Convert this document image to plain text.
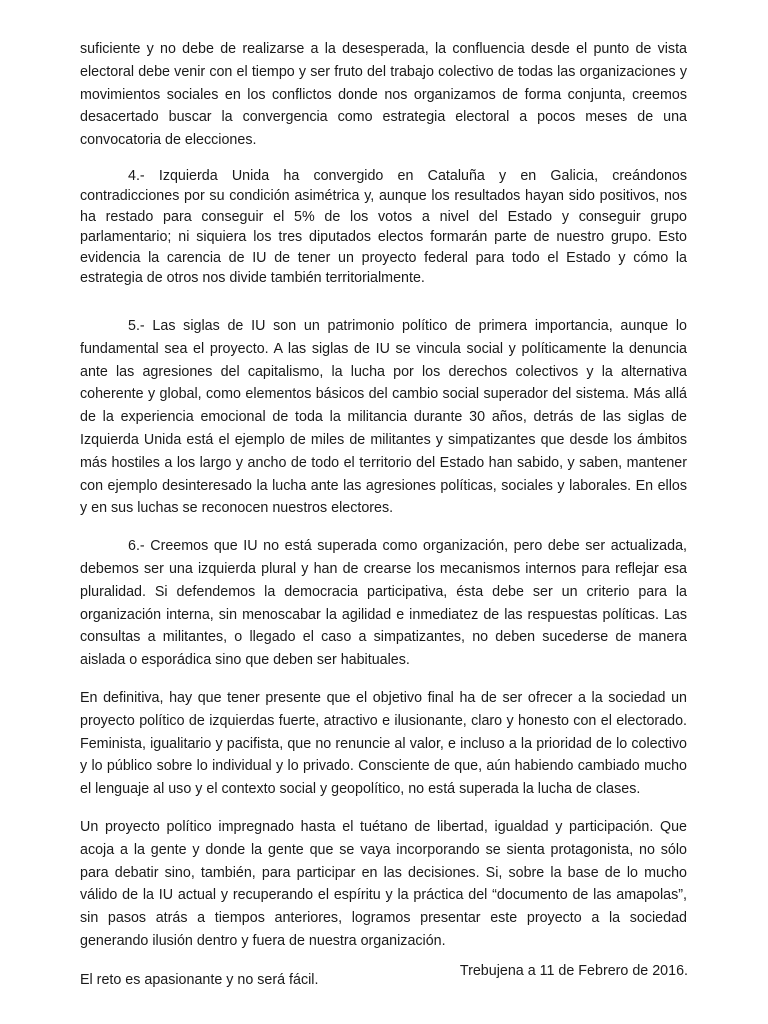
suficiente y no debe de realizarse a la desesperada, la confluencia desde el punto de vista electoral debe venir con el tiempo y ser fruto del trabajo colectivo de todas las organizaciones y movimientos sociales en los conflictos donde nos organizamos de forma conjunta, creemos desacertado buscar la convergencia como estrategia electoral a pocos meses de una convocatoria de elecciones.

4.- Izquierda Unida ha convergido en Cataluña y en Galicia, creándonos contradicciones por su condición asimétrica y, aunque los resultados hayan sido positivos, nos ha restado para conseguir el 5% de los votos a nivel del Estado y conseguir grupo parlamentario; ni siquiera los tres diputados electos formarán parte de nuestro grupo. Esto evidencia la carencia de IU de tener un proyecto federal para todo el Estado y cómo la estrategia de otros nos divide también territorialmente.

5.- Las siglas de IU son un patrimonio político de primera importancia, aunque lo fundamental sea el proyecto. A las siglas de IU se vincula social y políticamente la denuncia ante las agresiones del capitalismo, la lucha por los derechos colectivos y la alternativa coherente y global, como elementos básicos del cambio social superador del sistema. Más allá de la experiencia emocional de toda la militancia durante 30 años, detrás de las siglas de Izquierda Unida está el ejemplo de miles de militantes y simpatizantes que desde los ámbitos más hostiles a los largo y ancho de todo el territorio del Estado han sabido, y saben, mantener con ejemplo desinteresado la lucha ante las agresiones políticas, sociales y laborales. En ellos y en sus luchas se reconocen nuestros electores.

6.- Creemos que IU no está superada como organización, pero debe ser actualizada, debemos ser una izquierda plural y han de crearse los mecanismos internos para reflejar esa pluralidad. Si defendemos la democracia participativa, ésta debe ser un criterio para la organización interna, sin menoscabar la agilidad e inmediatez de las respuestas políticas. Las consultas a militantes, o llegado el caso a simpatizantes, no deben sucederse de manera aislada o esporádica sino que deben ser habituales.

En definitiva, hay que tener presente que el objetivo final ha de ser ofrecer a la sociedad un proyecto político de izquierdas fuerte, atractivo e ilusionante, claro y honesto con el electorado. Feminista, igualitario y pacifista, que no renuncie al valor, e incluso a la prioridad de lo colectivo y lo público sobre lo individual y lo privado. Consciente de que, aún habiendo cambiado mucho el lenguaje al uso y el contexto social y geopolítico, no está superada la lucha de clases.

Un proyecto político impregnado hasta el tuétano de libertad, igualdad y participación. Que acoja a la gente y donde la gente que se vaya incorporando se sienta protagonista, no sólo para debatir sino, también, para participar en las decisiones. Si, sobre la base de lo mucho válido de la IU actual y recuperando el espíritu y la práctica del “documento de las amapolas”, sin pasos atrás a tiempos anteriores, logramos presentar este proyecto a la sociedad generando ilusión dentro y fuera de nuestra organización.

El reto es apasionante y no será fácil.

Trebujena a 11 de Febrero de 2016.
